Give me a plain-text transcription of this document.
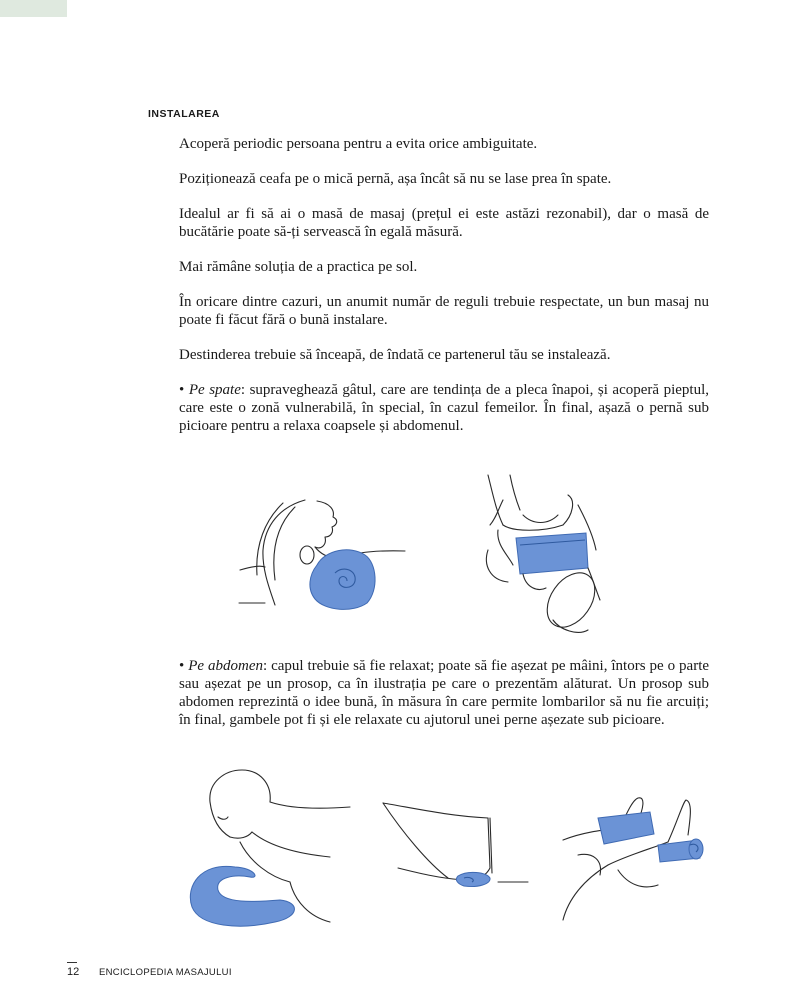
INSTALAREA

Acoperă periodic persoana pentru a evita orice ambiguitate.

Poziționează ceafa pe o mică pernă, așa încât să nu se lase prea în spate.

Idealul ar fi să ai o masă de masaj (prețul ei este astăzi rezonabil), dar o masă de bucătărie poate să-ți servească în egală măsură.

Mai rămâne soluția de a practica pe sol.

În oricare dintre cazuri, un anumit număr de reguli trebuie respectate, un bun masaj nu poate fi făcut fără o bună instalare.

Destinderea trebuie să înceapă, de îndată ce partenerul tău se instalează.

• Pe spate: supraveghează gâtul, care are tendința de a pleca înapoi, și acoperă pieptul, care este o zonă vulnerabilă, în special, în cazul femeilor. În final, așază o pernă sub picioare pentru a relaxa coapsele și abdomenul.

• Pe abdomen: capul trebuie să fie relaxat; poate să fie așezat pe mâini, întors pe o parte sau așezat pe un prosop, ca în ilustrația pe care o prezentăm alăturat. Un prosop sub abdomen reprezintă o idee bună, în măsura în care permite lombarilor să nu fie arcuiți; în final, gambele pot fi și ele relaxate cu ajutorul unei perne așezate sub picioare.

12 ENCICLOPEDIA MASAJULUI
